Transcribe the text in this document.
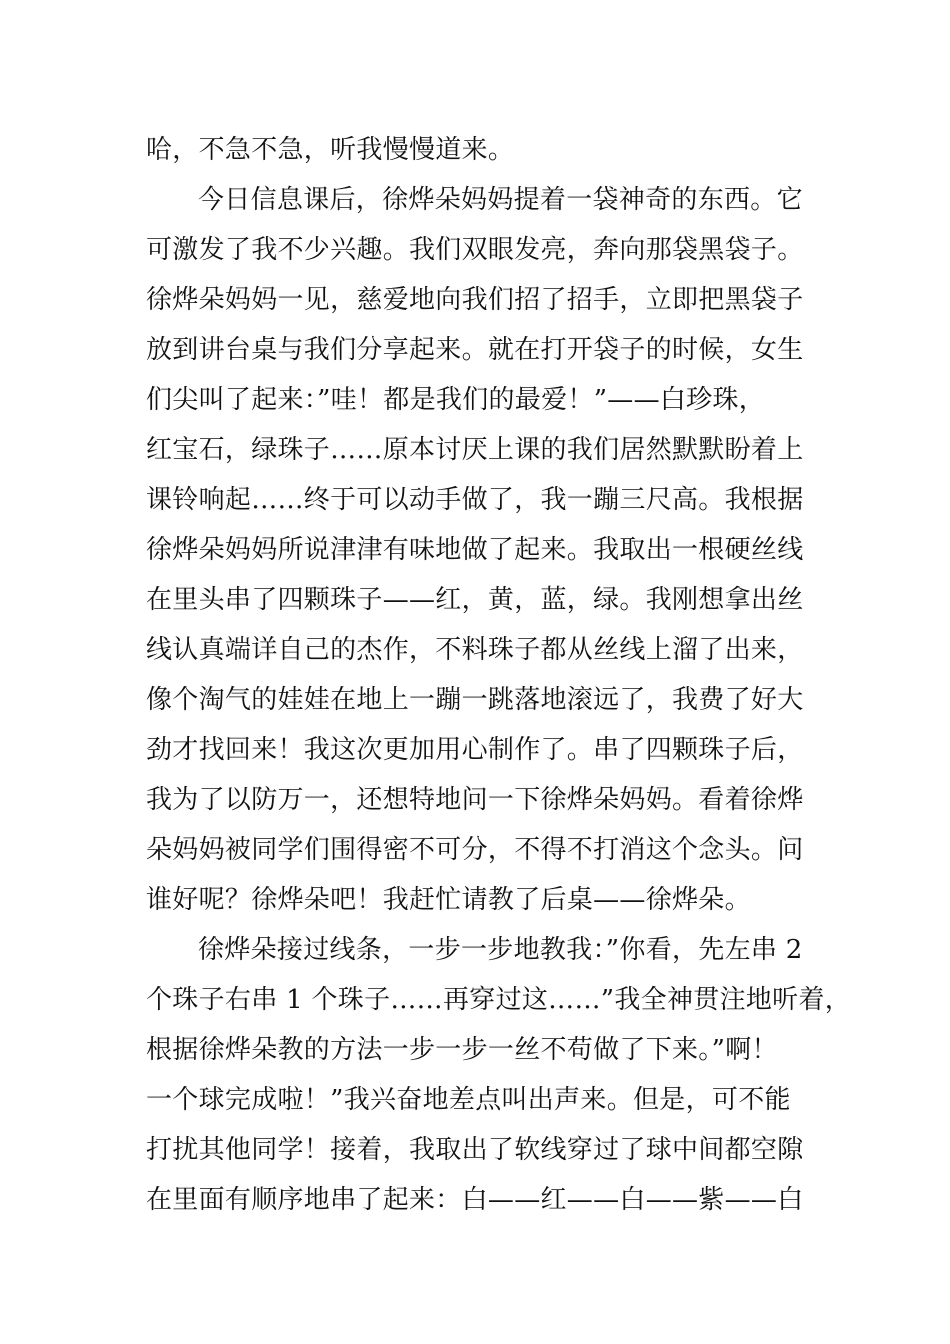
哈，不急不急，听我慢慢道来。
今日信息课后，徐烨朵妈妈提着一袋神奇的东西。它
可激发了我不少兴趣。我们双眼发亮，奔向那袋黑袋子。
徐烨朵妈妈一见，慈爱地向我们招了招手，立即把黑袋子
放到讲台桌与我们分享起来。就在打开袋子的时候，女生
们尖叫了起来：”哇！都是我们的最爱！”——白珍珠，
红宝石，绿珠子……原本讨厌上课的我们居然默默盼着上
课铃响起……终于可以动手做了，我一蹦三尺高。我根据
徐烨朵妈妈所说津津有味地做了起来。我取出一根硬丝线
在里头串了四颗珠子——红，黄，蓝，绿。我刚想拿出丝
线认真端详自己的杰作，不料珠子都从丝线上溜了出来，
像个淘气的娃娃在地上一蹦一跳落地滚远了，我费了好大
劲才找回来！我这次更加用心制作了。串了四颗珠子后，
我为了以防万一，还想特地问一下徐烨朵妈妈。看着徐烨
朵妈妈被同学们围得密不可分，不得不打消这个念头。问
谁好呢？徐烨朵吧！我赶忙请教了后桌——徐烨朵。
徐烨朵接过线条，一步一步地教我：”你看，先左串 2
个珠子右串 1 个珠子……再穿过这……”我全神贯注地听着，
根据徐烨朵教的方法一步一步一丝不苟做了下来。”啊！
一个球完成啦！”我兴奋地差点叫出声来。但是，可不能
打扰其他同学！接着，我取出了软线穿过了球中间都空隙
在里面有顺序地串了起来：白——红——白——紫——白
